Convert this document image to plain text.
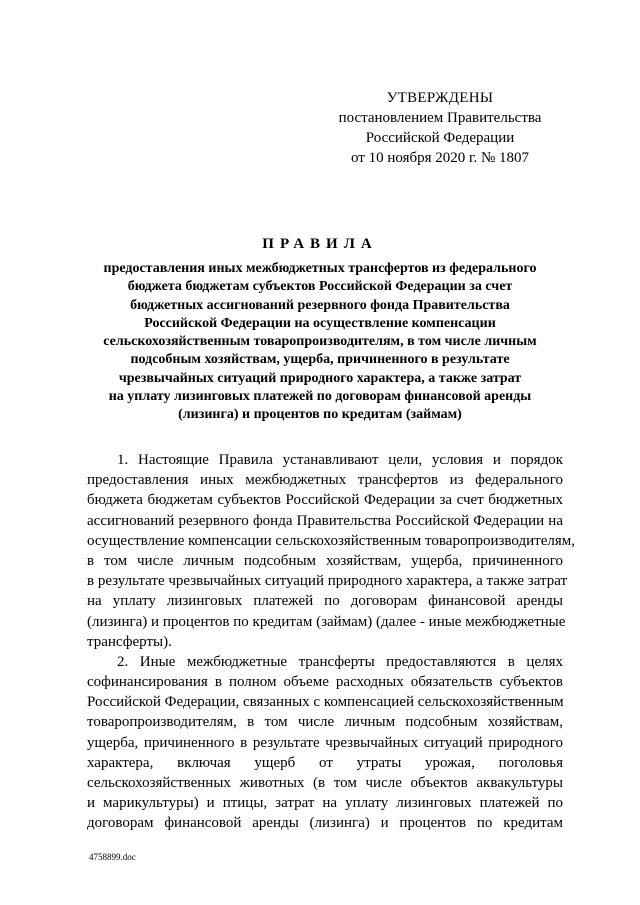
УТВЕРЖДЕНЫ
постановлением Правительства
Российской Федерации
от 10 ноября 2020 г. № 1807
ПРАВИЛА
предоставления иных межбюджетных трансфертов из федерального
бюджета бюджетам субъектов Российской Федерации за счет
бюджетных ассигнований резервного фонда Правительства
Российской Федерации на осуществление компенсации
сельскохозяйственным товаропроизводителям, в том числе личным
подсобным хозяйствам, ущерба, причиненного в результате
чрезвычайных ситуаций природного характера, а также затрат
на уплату лизинговых платежей по договорам финансовой аренды
(лизинга) и процентов по кредитам (займам)
1. Настоящие Правила устанавливают цели, условия и порядок
предоставления иных межбюджетных трансфертов из федерального
бюджета бюджетам субъектов Российской Федерации за счет бюджетных
ассигнований резервного фонда Правительства Российской Федерации на
осуществление компенсации сельскохозяйственным товаропроизводителям,
в том числе личным подсобным хозяйствам, ущерба, причиненного
в результате чрезвычайных ситуаций природного характера, а также затрат
на уплату лизинговых платежей по договорам финансовой аренды
(лизинга) и процентов по кредитам (займам) (далее - иные межбюджетные
трансферты).
2. Иные межбюджетные трансферты предоставляются в целях
софинансирования в полном объеме расходных обязательств субъектов
Российской Федерации, связанных с компенсацией сельскохозяйственным
товаропроизводителям, в том числе личным подсобным хозяйствам,
ущерба, причиненного в результате чрезвычайных ситуаций природного
характера, включая ущерб от утраты урожая, поголовья
сельскохозяйственных животных (в том числе объектов аквакультуры
и марикультуры) и птицы, затрат на уплату лизинговых платежей по
договорам финансовой аренды (лизинга) и процентов по кредитам
4758899.doc
